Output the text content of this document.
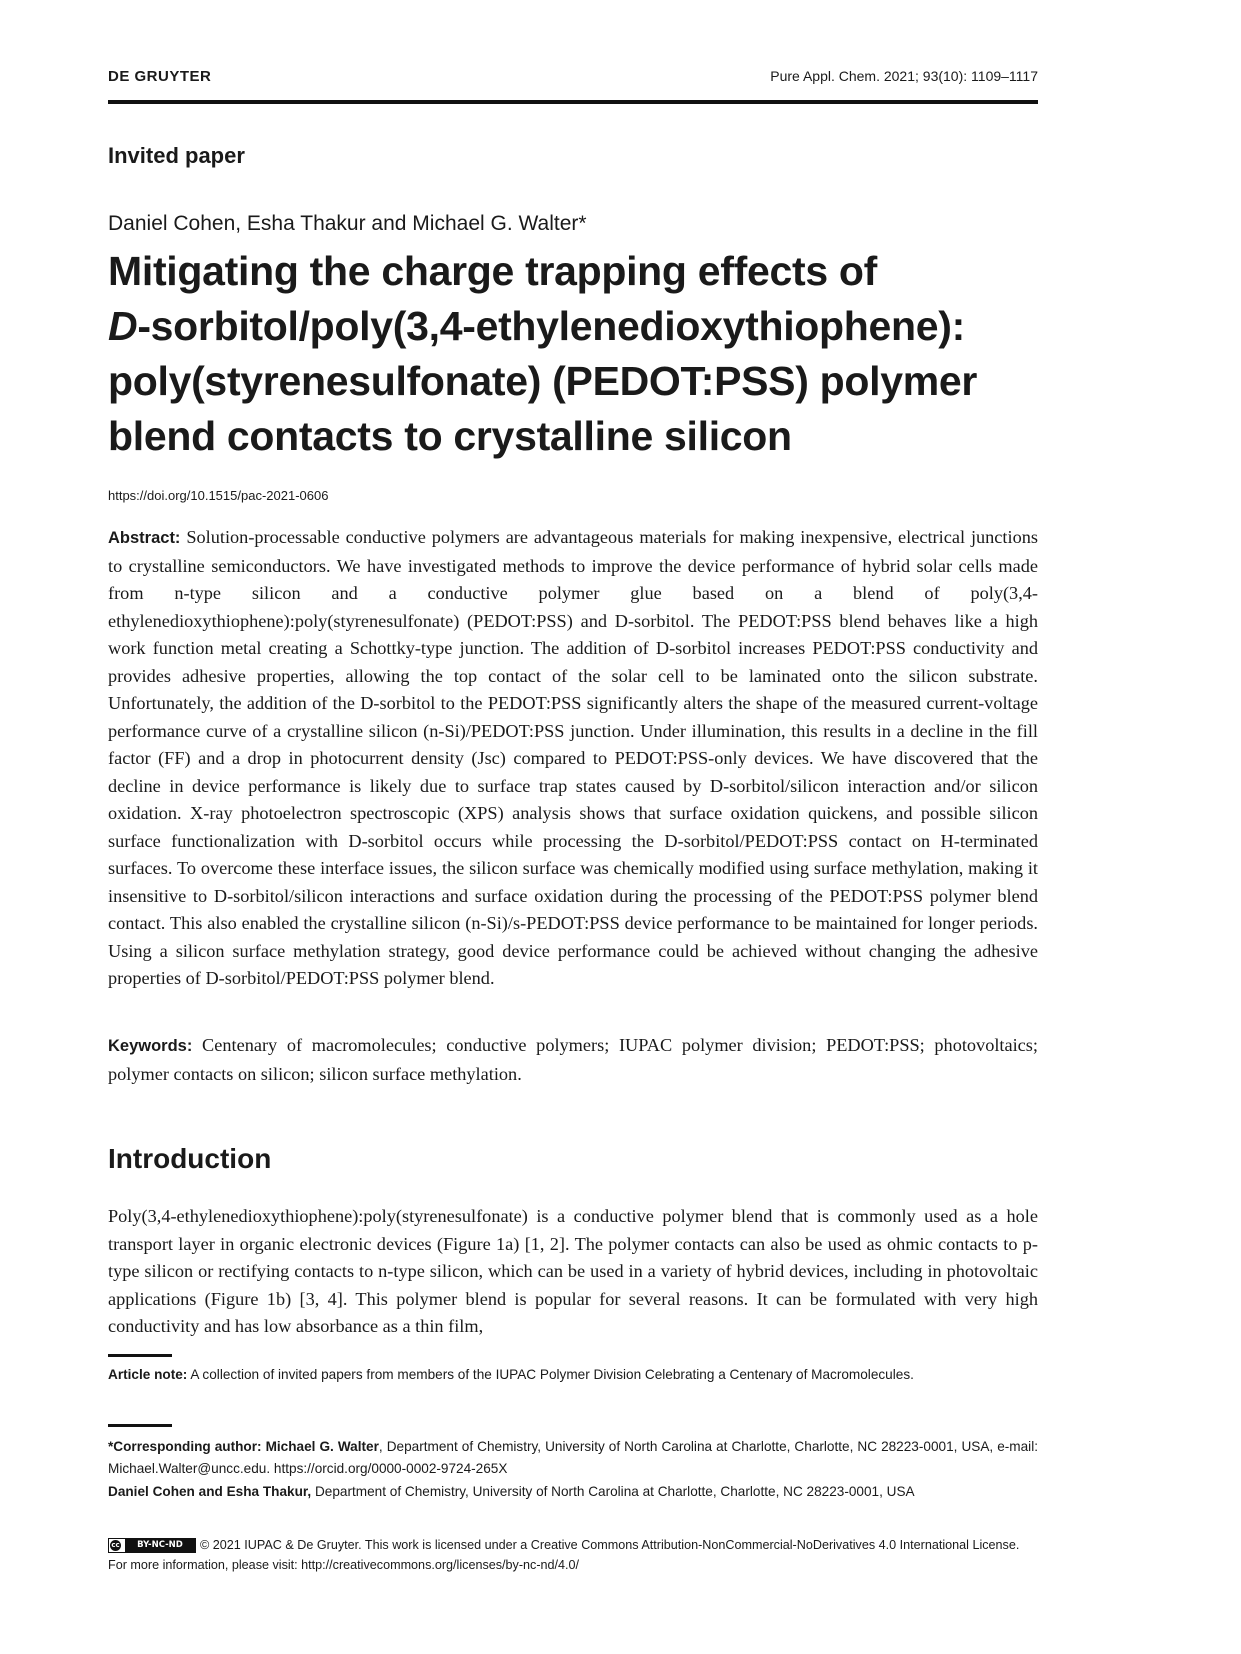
DE GRUYTER	Pure Appl. Chem. 2021; 93(10): 1109–1117
Invited paper
Daniel Cohen, Esha Thakur and Michael G. Walter*
Mitigating the charge trapping effects of
D-sorbitol/poly(3,4-ethylenedioxythiophene):
poly(styrenesulfonate) (PEDOT:PSS) polymer
blend contacts to crystalline silicon
https://doi.org/10.1515/pac-2021-0606

Abstract: Solution-processable conductive polymers are advantageous materials for making inexpensive, electrical junctions to crystalline semiconductors. We have investigated methods to improve the device performance of hybrid solar cells made from n-type silicon and a conductive polymer glue based on a blend of poly(3,4-ethylenedioxythiophene):poly(styrenesulfonate) (PEDOT:PSS) and D-sorbitol. The PEDOT:PSS blend behaves like a high work function metal creating a Schottky-type junction. The addition of D-sorbitol increases PEDOT:PSS conductivity and provides adhesive properties, allowing the top contact of the solar cell to be laminated onto the silicon substrate. Unfortunately, the addition of the D-sorbitol to the PEDOT:PSS significantly alters the shape of the measured current-voltage performance curve of a crystalline silicon (n-Si)/PEDOT:PSS junction. Under illumination, this results in a decline in the fill factor (FF) and a drop in photocurrent density (Jsc) compared to PEDOT:PSS-only devices. We have discovered that the decline in device performance is likely due to surface trap states caused by D-sorbitol/silicon interaction and/or silicon oxidation. X-ray photoelectron spectroscopic (XPS) analysis shows that surface oxidation quickens, and possible silicon surface functionalization with D-sorbitol occurs while processing the D-sorbitol/PEDOT:PSS contact on H-terminated surfaces. To overcome these interface issues, the silicon surface was chemically modified using surface methylation, making it insensitive to D-sorbitol/silicon interactions and surface oxidation during the processing of the PEDOT:PSS polymer blend contact. This also enabled the crystalline silicon (n-Si)/s-PEDOT:PSS device performance to be maintained for longer periods. Using a silicon surface methylation strategy, good device performance could be achieved without changing the adhesive properties of D-sorbitol/PEDOT:PSS polymer blend.

Keywords: Centenary of macromolecules; conductive polymers; IUPAC polymer division; PEDOT:PSS; photovoltaics; polymer contacts on silicon; silicon surface methylation.

Introduction

Poly(3,4-ethylenedioxythiophene):poly(styrenesulfonate) is a conductive polymer blend that is commonly used as a hole transport layer in organic electronic devices (Figure 1a) [1, 2]. The polymer contacts can also be used as ohmic contacts to p-type silicon or rectifying contacts to n-type silicon, which can be used in a variety of hybrid devices, including in photovoltaic applications (Figure 1b) [3, 4]. This polymer blend is popular for several reasons. It can be formulated with very high conductivity and has low absorbance as a thin film,

Article note: A collection of invited papers from members of the IUPAC Polymer Division Celebrating a Centenary of Macromolecules.

*Corresponding author: Michael G. Walter, Department of Chemistry, University of North Carolina at Charlotte, Charlotte, NC 28223-0001, USA, e-mail: Michael.Walter@uncc.edu. https://orcid.org/0000-0002-9724-265X

Daniel Cohen and Esha Thakur, Department of Chemistry, University of North Carolina at Charlotte, Charlotte, NC 28223-0001, USA

cc	BY-NC-ND	© 2021 IUPAC & De Gruyter. This work is licensed under a Creative Commons Attribution-NonCommercial-NoDerivatives 4.0 International License. For more information, please visit: http://creativecommons.org/licenses/by-nc-nd/4.0/
